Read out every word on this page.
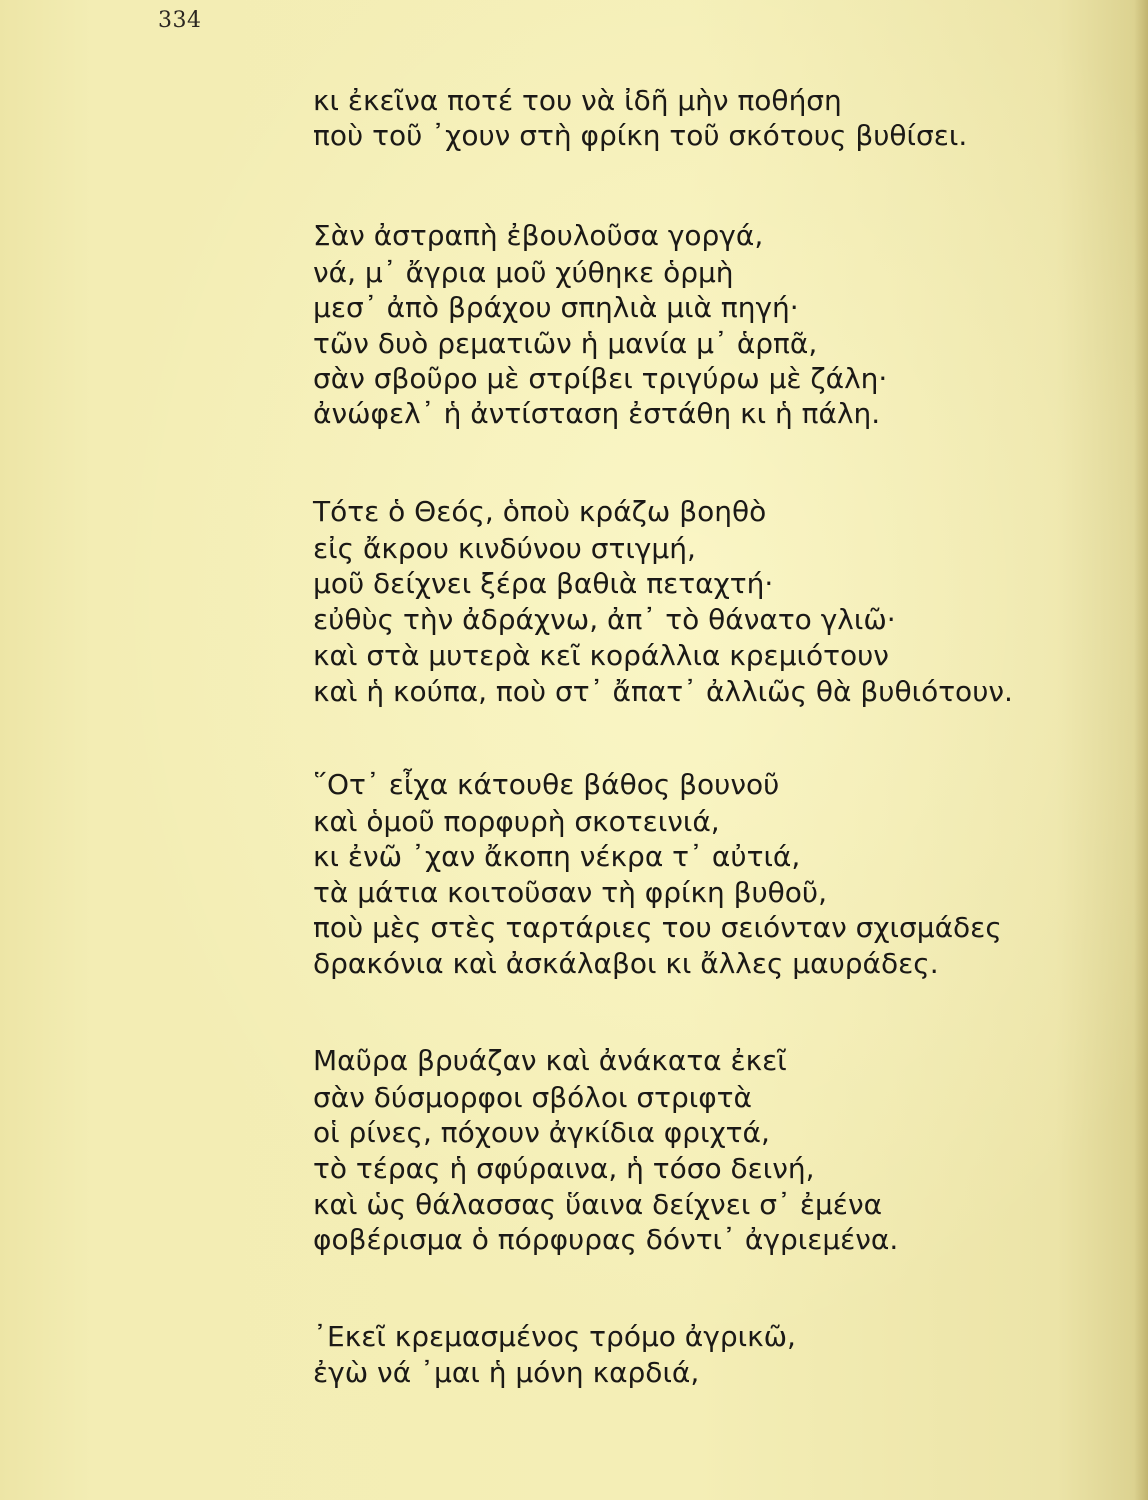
334
κι ἐκεῖνα ποτέ του νὰ ἰδῆ μὴν ποθήση
πoὺ τoῦ ᾿χoυν στὴ φρίκη τoῦ σκότoυς βυθίσει.
Σὰν ἀστραπὴ ἐβουλοῦσα γοργά,
νά, μ᾿ ἄγρια μοῦ χύθηκε ὁρμὴ
μεσ᾿ ἀπὸ βράχου σπηλιὰ μιὰ πηγή·
τῶν δυὸ ρεματιῶν ἡ μανία μ᾿ ἁρπᾶ,
σὰν σβοῦρο μὲ στρίβει τριγύρω μὲ ζάλη·
ἀνώφελ᾿ ἡ ἀντίσταση ἐστάθη κι ἡ πάλη.
Τότε ὁ Θεός, ὁποὺ κράζω βοηθὸ
εἰς ἄκρου κινδύνου στιγμή,
μοῦ δείχνει ξέρα βαθιὰ πεταχτή·
εὐθὺς τὴν ἀδράχνω, ἀπ᾿ τὸ θάνατο γλιῶ·
καὶ στὰ μυτερὰ κεῖ κοράλλια κρεμιότουν
καὶ ἡ κούπα, ποὺ στ᾿ ἄπατ᾿ ἀλλιῶς θὰ βυθιότουν.
῞Οτ᾿ εἶχα κάτουθε βάθος βουνοῦ
καὶ ὁμοῦ πορφυρὴ σκοτεινιά,
κι ἐνῶ ᾿χαν ἄκοπη νέκρα τ᾿ αὐτιά,
τὰ μάτια κοιτοῦσαν τὴ φρίκη βυθοῦ,
ποὺ μὲς στὲς ταρτάριες του σειόνταν σχισμάδες
δρακόνια καὶ ἀσκάλαβοι κι ἄλλες μαυράδες.
Μαῦρα βρυάζαν καὶ ἀνάκατα ἐκεῖ
σὰν δύσμορφοι σβόλοι στριφτὰ
οἱ ρίνες, πόχουν ἀγκίδια φριχτά,
τὸ τέρας ἡ σφύραινα, ἡ τόσο δεινή,
καὶ ὡς θάλασσας ὕαινα δείχνει σ᾿ ἐμένα
φοβέρισμα ὁ πόρφυρας δόντι᾿ ἀγριεμένα.
᾿Εκεῖ κρεμασμένος τρόμο ἀγρικῶ,
ἐγὼ νά ᾿μαι ἡ μόνη καρδιά,
